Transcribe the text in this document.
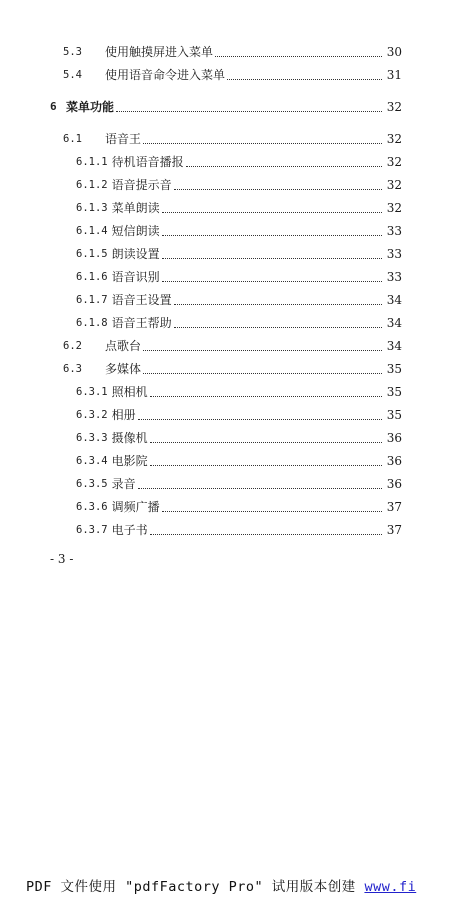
5.3	使用触摸屏进入菜单	30
5.4	使用语音命令进入菜单	31
6 菜单功能	32
6.1	语音王	32
6.1.1 待机语音播报	32
6.1.2 语音提示音	32
6.1.3 菜单朗读	32
6.1.4 短信朗读	33
6.1.5 朗读设置	33
6.1.6 语音识别	33
6.1.7 语音王设置	34
6.1.8 语音王帮助	34
6.2	点歌台	34
6.3	多媒体	35
6.3.1 照相机	35
6.3.2 相册	35
6.3.3 摄像机	36
6.3.4 电影院	36
6.3.5 录音	36
6.3.6 调频广播	37
6.3.7 电子书	37
- 3 -
PDF 文件使用 "pdfFactory Pro" 试用版本创建 www.fi
